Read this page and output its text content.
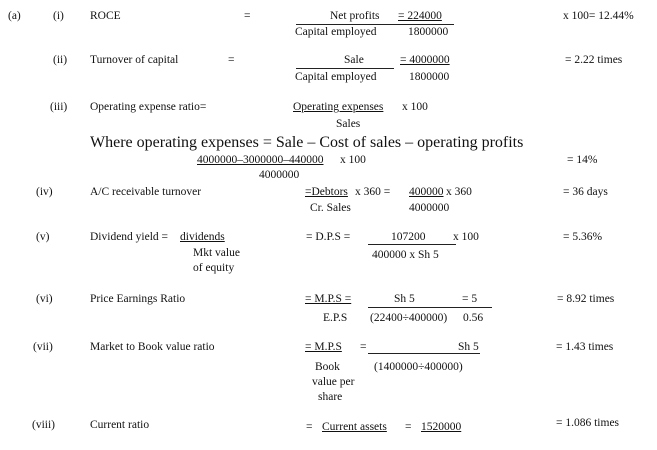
(a)	(i) ROCE	=	Net profits = 224000
Capital employed	1800000
x 100= 12.44%
(ii) Turnover of capital	=	Sale	= 4000000
Capital employed	1800000
= 2.22 times
(iii) Operating expense ratio=	Operating expenses x 100
Sales
Where operating expenses = Sale – Cost of sales – operating profits
4000000–3000000–440000 x 100
4000000
= 14%
(iv)	A/C receivable turnover	=Debtors x 360 = 400000 x 360
Cr. Sales	4000000
= 36 days
(v)	Dividend yield = dividends
Mkt value
of equity
= D.P.S =	107200 x 100
400000 x Sh 5
= 5.36%
(vi)	Price Earnings Ratio	= M.P.S =	Sh 5	= 5
E.P.S (22400÷400000) 0.56
= 8.92 times
(vii)	Market to Book value ratio	= M.P.S =	Sh 5
Book
value per
share
(1400000÷400000)
= 1.43 times
(viii)	Current ratio	= Current assets = 1520000	= 1.086 times
